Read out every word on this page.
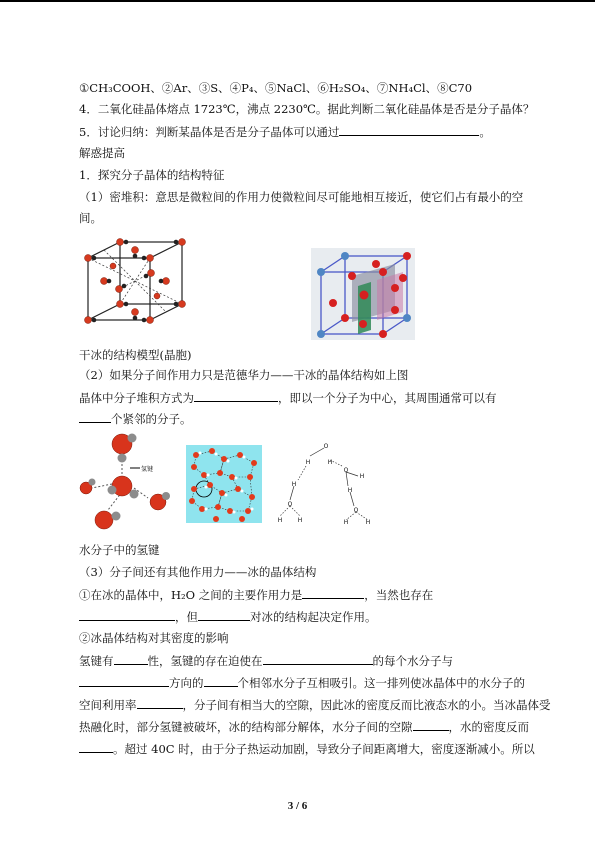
①CH₃COOH、②Ar、③S、④P₄、⑤NaCl、⑥H₂SO₄、⑦NH₄Cl、⑧C70
4．二氧化硅晶体熔点 1723℃，沸点 2230℃。据此判断二氧化硅晶体是否是分子晶体？
5．讨论归纳：判断某晶体是否是分子晶体可以通过	。
解惑提高
1．探究分子晶体的结构特征
（1）密堆积：意思是微粒间的作用力使微粒间尽可能地相互接近，使它们占有最小的空
间。
干冰的结构模型(晶胞)
（2）如果分子间作用力只是范德华力——干冰的晶体结构如上图
晶体中分子堆积方式为	，即以一个分子为中心，其周围通常可以有
个紧邻的分子。
氢键
O
H	H
O
H
H
H
O
O
H	H	H	H
水分子中的氢键
（3）分子间还有其他作用力——冰的晶体结构
①在冰的晶体中，H₂O 之间的主要作用力是	，当然也存在
，但	对冰的结构起决定作用。
②冰晶体结构对其密度的影响
氢键有	性，氢键的存在迫使在	的每个水分子与
方向的	个相邻水分子互相吸引。这一排列使冰晶体中的水分子的
空间利用率	，分子间有相当大的空隙，因此冰的密度反而比液态水的小。当冰晶体受
热融化时，部分氢键被破坏，冰的结构部分解体，水分子间的空隙	，水的密度反而
。超过 40C 时，由于分子热运动加剧，导致分子间距离增大，密度逐渐减小。所以
3 / 6
